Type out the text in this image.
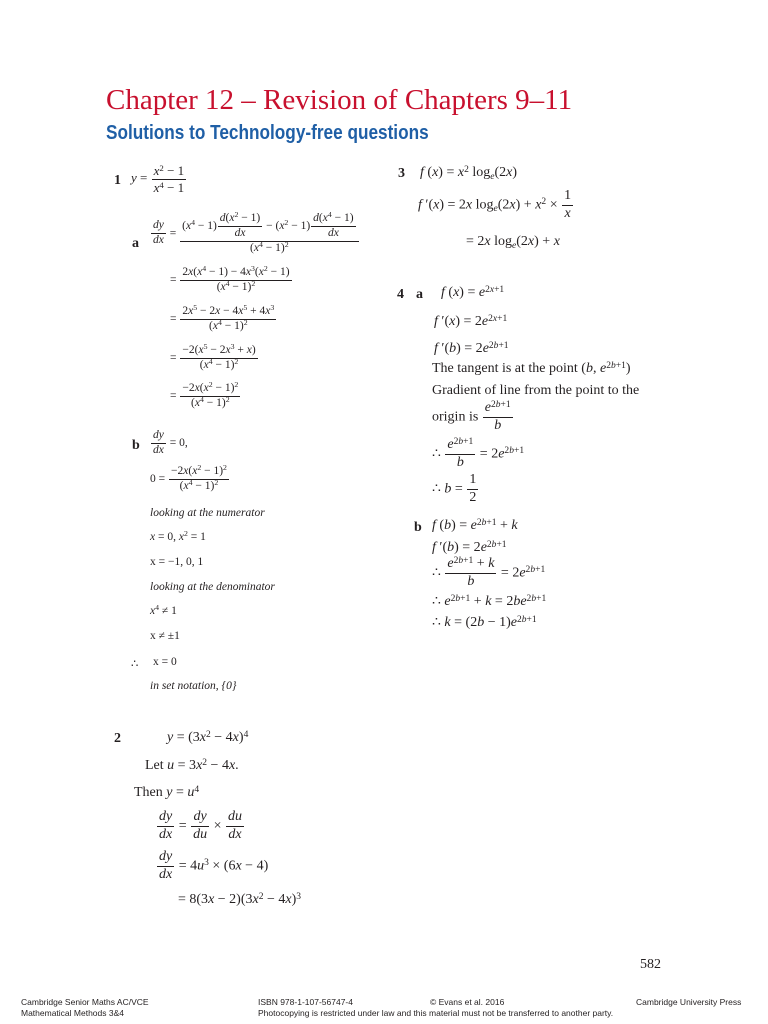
Chapter 12 – Revision of Chapters 9–11
Solutions to Technology-free questions
1 $y = \frac{x^2 - 1}{x^4 - 1}$
a $\frac{dy}{dx} = \frac{(x^4 - 1) \frac{d(x^2 - 1)}{dx} - (x^2 - 1) \frac{d(x^4 - 1)}{dx}}{(x^4 - 1)^2}$
= $\frac{2x(x^4 - 1) - 4x^3(x^2 - 1)}{(x^4 - 1)^2}$
= $\frac{2x^5 - 2x - 4x^5 + 4x^3}{(x^4 - 1)^2}$
= $\frac{-2(x^5 - 2x^3 + x)}{(x^4 - 1)^2}$
= $\frac{-2x(x^2 - 1)^2}{(x^4 - 1)^2}$
b $\frac{dy}{dx} = 0$,
$0 = \frac{-2x(x^2 - 1)^2}{(x^4 - 1)^2}$
looking at the numerator
x = 0, $x^2 = 1$
x = −1, 0, 1
looking at the denominator
$x^4 \ne 1$
x ≠ ±1
∴ x = 0
in set notation, {0}
2	$y = (3x^2 - 4x)^4$
Let $u = 3x^2 - 4x$.
Then $y = u^4$
$\frac{dy}{dx} = \frac{dy}{du} \times \frac{du}{dx}$
$\frac{dy}{dx} = 4u^3 \times (6x - 4)$
= $8(3x - 2)(3x^2 - 4x)^3$
3 f $(x) = x^2$ $\log_e(2x)$
f ′(x) = 2x $\log_e(2x) + x^2 \times \frac{1}{x}$
= 2x $\log_e(2x) + x$
4 a f $(x) = e^{2x+1}$
f $'(x) = 2e^{2x+1}$
f $'(b) = 2e^{2b+1}$
The tangent is at the point (b, $e^{2b+1}$)
Gradient of line from the point to the
origin is $\frac{e^{2b+1}}{b}$
∴ $\frac{e^{2b+1}}{b} = 2e^{2b+1}$
∴ $b = \frac{1}{2}$
b f $(b) = e^{2b+1} + k$
f $'(b) = 2e^{2b+1}$
∴ $\frac{e^{2b+1} + k}{b} = 2e^{2b+1}$
∴ $e^{2b+1} + k = 2be^{2b+1}$
∴ $k = (2b - 1)e^{2b+1}$
582
Cambridge Senior Maths AC/VCE
Mathematical Methods 3&4
ISBN 978-1-107-56747-4	© Evans et al. 2016
Photocopying is restricted under law and this material must not be transferred to another party.
Cambridge University Press
